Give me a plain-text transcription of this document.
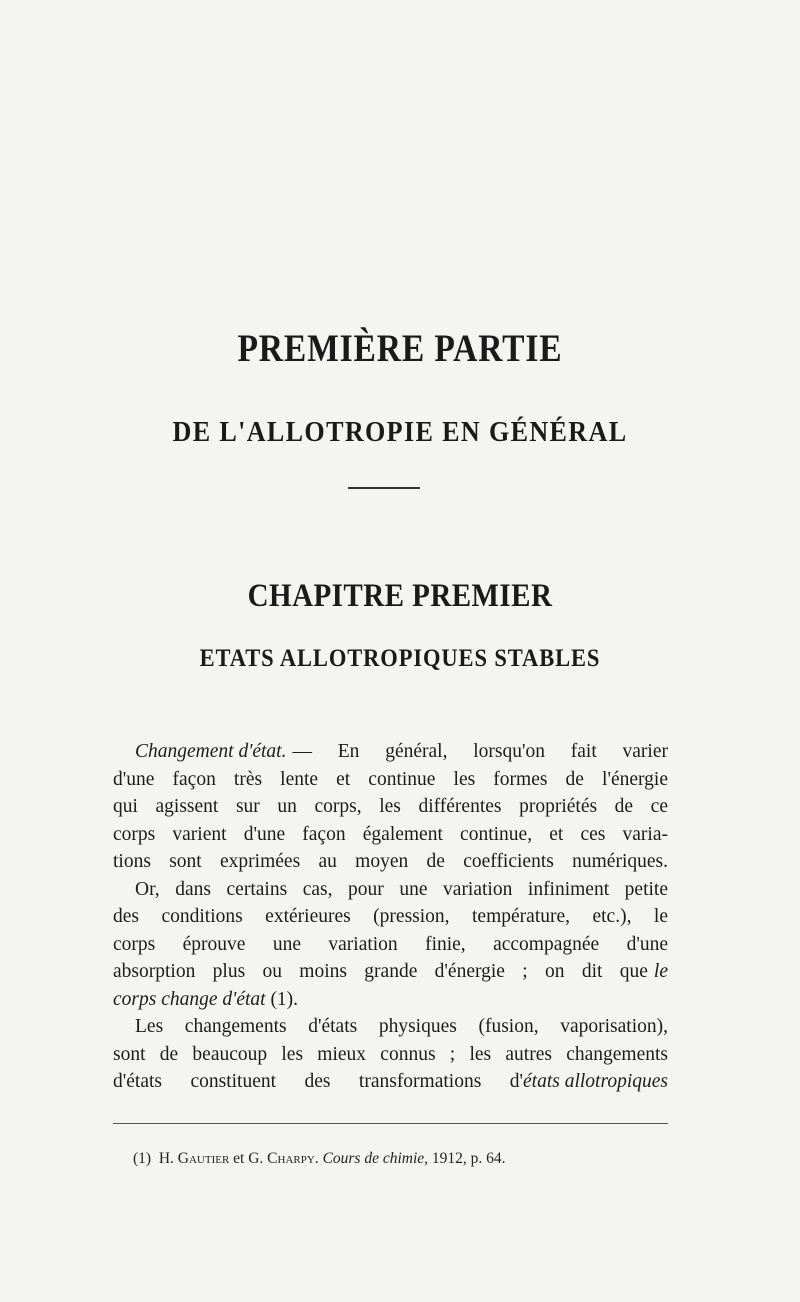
PREMIÈRE PARTIE
DE L'ALLOTROPIE EN GÉNÉRAL
CHAPITRE PREMIER
ETATS ALLOTROPIQUES STABLES
Changement d'état. — En général, lorsqu'on fait varier
d'une façon très lente et continue les formes de l'énergie
qui agissent sur un corps, les différentes propriétés de ce
corps varient d'une façon également continue, et ces varia-
tions sont exprimées au moyen de coefficients numériques.
Or, dans certains cas, pour une variation infiniment petite
des conditions extérieures (pression, température, etc.), le
corps éprouve une variation finie, accompagnée d'une
absorption plus ou moins grande d'énergie ; on dit que le
corps change d'état (1).
Les changements d'états physiques (fusion, vaporisation),
sont de beaucoup les mieux connus ; les autres changements
d'états constituent des transformations d' états allotropiques
(1) H. Gautier et G. Charpy. Cours de chimie, 1912, p. 64.
